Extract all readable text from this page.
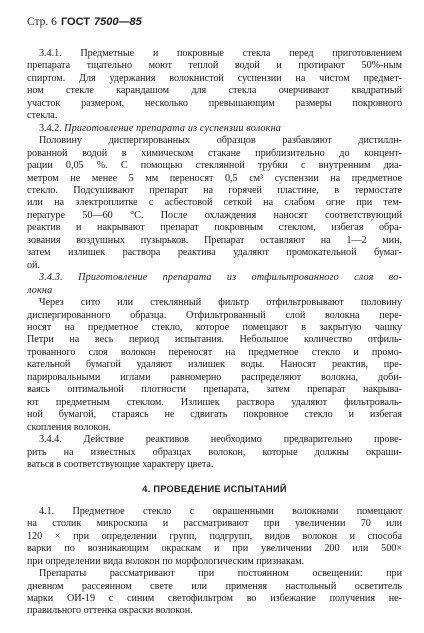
Стр. 6 ГОСТ 7500—85
3.4.1. Предметные и покровные стекла перед приготовлением
препарата тщательно моют теплой водой и протирают 50%-ным
спиртом. Для удержания волокнистой суспензии на чистом предмет-
ном стекле карандашом для стекла очерчивают квадратный
участок размером, несколько превышающим размеры покровного
стекла.
3.4.2. Приготовление препарата из суспензии волокна
Половину диспергированных образцов разбавляют дистиллн-
рованной водой в химическом стакане приблизительно до концент-
рации 0,05 %. С помощью стеклянной трубки с внутренним диа-
метром не менее 5 мм переносят 0,5 см³ суспензии на предметное
стекло. Подсушивают препарат на горячей пластине, в термостате
или на электроплитке с асбестовой сеткой на слабом огне при тем-
пературе 50—60 °С. После охлаждения наносят соответствующий
реактив и накрывают препарат покровным стеклом, избегая обра-
зования воздушных пузырьков. Препарат оставляют на 1—2 мин,
затем излишек раствора реактива удаляют промокательной бумаг-
ой.
3.4.3. Приготовление препарата из отфильтрованного слоя во-
локна
Через сито или стеклянный фильтр отфильтровывают половину
диспергированного образца. Отфильтрованный слой волокна пере-
носят на предметное стекло, которое помещают в закрытую чашку
Петри на весь период испытания. Небольшое количество отфиль-
трованного слоя волокон переносят на предметное стекло и промо-
кательной бумагой удаляют излишек воды. Наносят реактив, пре-
парировальными иглами равномерно распределяют волокна, доби-
ваясь оптимальной плотности препарата, затем препарат накрыва-
ют предметным стеклом. Излишек раствора удаляют фильтроваль-
ной бумагой, стараясь не сдвигать покровное стекло и избегая
скопления волокон.
3.4.4. Действие реактивов необходимо предварительно прове-
рить на известных образцах волокон, которые должны окраши-
ваться в соответствующие характеру цвета.
4. ПРОВЕДЕНИЕ ИСПЫТАНИЙ
4.1. Предметное стекло с окрашенными волокнами помещают
на столик микроскопа и рассматривают при увеличении 70 или
120 × при определении групп, подгрупп, видов волокон и способа
варки по возникающим окраскам и при увеличении 200 или 500×
при определении вида волокон по морфологическим признакам.
Препараты рассматривают при постоянном освещении: при
дневном рассеянном свете или применяя настольный осветитель
марки ОИ-19 с синим светофильтром во избежание получения не-
правильного оттенка окраски волокон.
